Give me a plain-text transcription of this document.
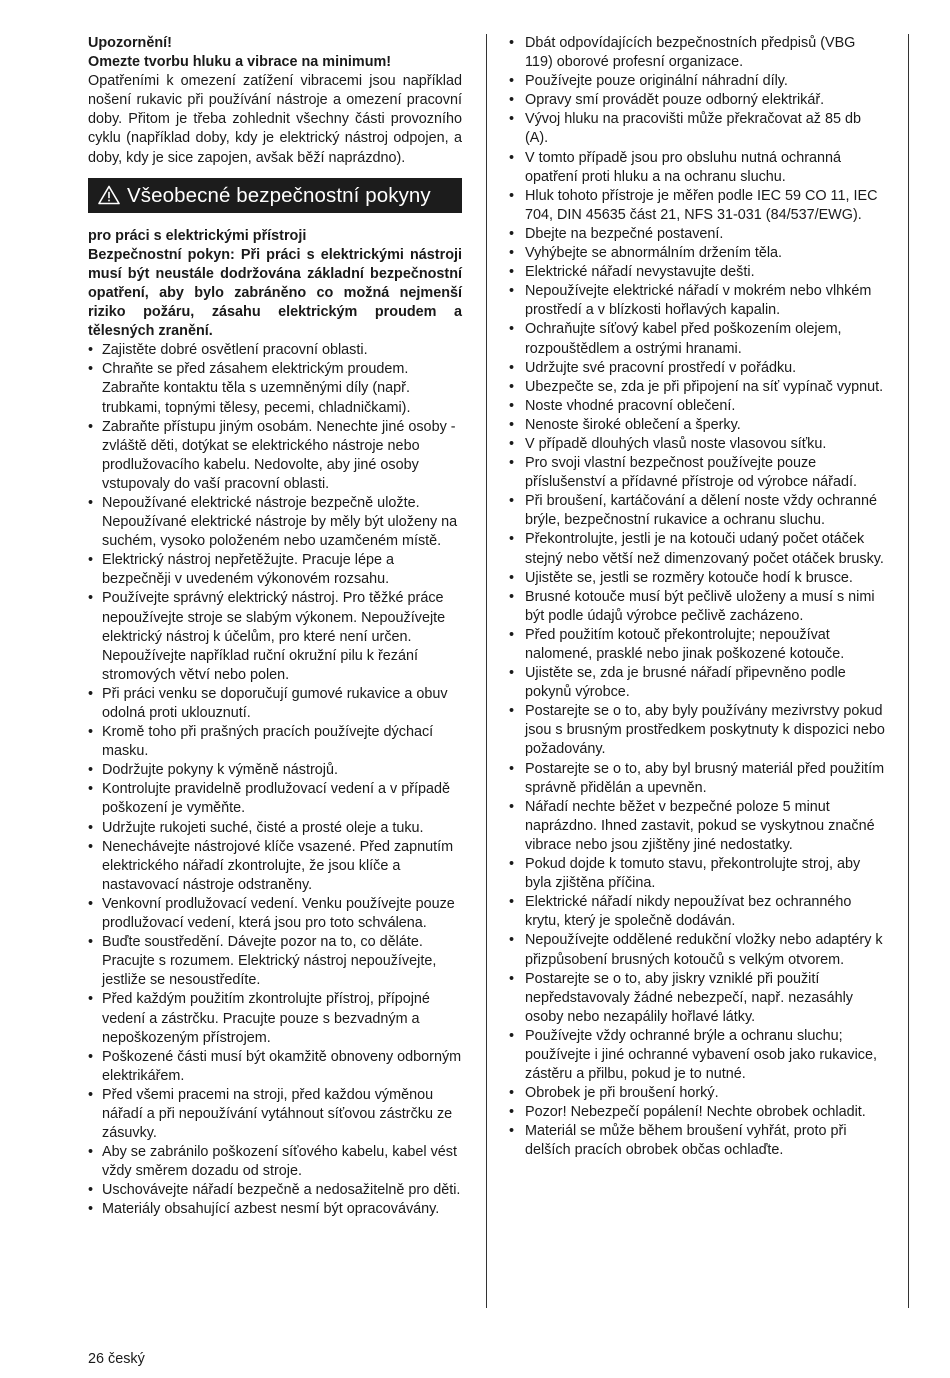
Upozornění!

Omezte tvorbu hluku a vibrace na minimum!

Opatřeními k omezení zatížení vibracemi jsou například nošení rukavic při používání nástroje a omezení pracovní doby. Přitom je třeba zohlednit všechny části provozního cyklu (například doby, kdy je elektrický nástroj odpojen, a doby, kdy je sice zapojen, avšak běží naprázdno).

Všeobecné bezpečnostní pokyny

pro práci s elektrickými přístroji

Bezpečnostní pokyn: Při práci s elektrickými nástroji musí být neustále dodržována základní bezpečnostní opatření, aby bylo zabráněno co možná nejmenší riziko požáru, zásahu elektrickým proudem a tělesných zranění.

• Zajistěte dobré osvětlení pracovní oblasti.
• Chraňte se před zásahem elektrickým proudem. Zabraňte kontaktu těla s uzemněnými díly (např. trubkami, topnými tělesy, pecemi, chladničkami).
• Zabraňte přístupu jiným osobám. Nenechte jiné osoby - zvláště děti, dotýkat se elektrického nástroje nebo prodlužovacího kabelu. Nedovolte, aby jiné osoby vstupovaly do vaší pracovní oblasti.
• Nepoužívané elektrické nástroje bezpečně uložte. Nepoužívané elektrické nástroje by měly být uloženy na suchém, vysoko položeném nebo uzamčeném místě.
• Elektrický nástroj nepřetěžujte. Pracuje lépe a bezpečněji v uvedeném výkonovém rozsahu.
• Používejte správný elektrický nástroj. Pro těžké práce nepoužívejte stroje se slabým výkonem. Nepoužívejte elektrický nástroj k účelům, pro které není určen. Nepoužívejte například ruční okružní pilu k řezání stromových větví nebo polen.
• Při práci venku se doporučují gumové rukavice a obuv odolná proti uklouznutí.
• Kromě toho při prašných pracích používejte dýchací masku.
• Dodržujte pokyny k výměně nástrojů.
• Kontrolujte pravidelně prodlužovací vedení a v případě poškození je vyměňte.
• Udržujte rukojeti suché, čisté a prosté oleje a tuku.
• Nenechávejte nástrojové klíče vsazené. Před zapnutím elektrického nářadí zkontrolujte, že jsou klíče a nastavovací nástroje odstraněny.
• Venkovní prodlužovací vedení. Venku používejte pouze prodlužovací vedení, která jsou pro toto schválena.
• Buďte soustředění. Dávejte pozor na to, co děláte. Pracujte s rozumem. Elektrický nástroj nepoužívejte, jestliže se nesoustředíte.
• Před každým použitím zkontrolujte přístroj, přípojné vedení a zástrčku. Pracujte pouze s bezvadným a nepoškozeným přístrojem.
• Poškozené části musí být okamžitě obnoveny odborným elektrikářem.
• Před všemi pracemi na stroji, před každou výměnou nářadí a při nepoužívání vytáhnout síťovou zástrčku ze zásuvky.
• Aby se zabránilo poškození síťového kabelu, kabel vést vždy směrem dozadu od stroje.
• Uschovávejte nářadí bezpečně a nedosažitelně pro děti.
• Materiály obsahující azbest nesmí být opracovávány.
• Dbát odpovídajících bezpečnostních předpisů (VBG 119) oborové profesní organizace.
• Používejte pouze originální náhradní díly.
• Opravy smí provádět pouze odborný elektrikář.
• Vývoj hluku na pracovišti může překračovat až 85 db (A).
• V tomto případě jsou pro obsluhu nutná ochranná opatření proti hluku a na ochranu sluchu.
• Hluk tohoto přístroje je měřen podle IEC 59 CO 11, IEC 704, DIN 45635 část 21, NFS 31-031 (84/537/EWG).
• Dbejte na bezpečné postavení.
• Vyhýbejte se abnormálním držením těla.
• Elektrické nářadí nevystavujte dešti.
• Nepoužívejte elektrické nářadí v mokrém nebo vlhkém prostředí a v blízkosti hořlavých kapalin.
• Ochraňujte síťový kabel před poškozením olejem, rozpouštědlem a ostrými hranami.
• Udržujte své pracovní prostředí v pořádku.
• Ubezpečte se, zda je při připojení na síť vypínač vypnut.
• Noste vhodné pracovní oblečení.
• Nenoste široké oblečení a šperky.
• V případě dlouhých vlasů noste vlasovou síťku.
• Pro svoji vlastní bezpečnost používejte pouze příslušenství a přídavné přístroje od výrobce nářadí.
• Při broušení, kartáčování a dělení noste vždy ochranné brýle, bezpečnostní rukavice a ochranu sluchu.
• Překontrolujte, jestli je na kotouči udaný počet otáček stejný nebo větší než dimenzovaný počet otáček brusky.
• Ujistěte se, jestli se rozměry kotouče hodí k brusce.
• Brusné kotouče musí být pečlivě uloženy a musí s nimi být podle údajů výrobce pečlivě zacházeno.
• Před použitím kotouč překontrolujte; nepoužívat nalomené, prasklé nebo jinak poškozené kotouče.
• Ujistěte se, zda je brusné nářadí připevněno podle pokynů výrobce.
• Postarejte se o to, aby byly používány mezivrstvy pokud jsou s brusným prostředkem poskytnuty k dispozici nebo požadovány.
• Postarejte se o to, aby byl brusný materiál před použitím správně přidělán a upevněn.
• Nářadí nechte běžet v bezpečné poloze 5 minut naprázdno. Ihned zastavit, pokud se vyskytnou značné vibrace nebo jsou zjištěny jiné nedostatky.
• Pokud dojde k tomuto stavu, překontrolujte stroj, aby byla zjištěna příčina.
• Elektrické nářadí nikdy nepoužívat bez ochranného krytu, který je společně dodáván.
• Nepoužívejte oddělené redukční vložky nebo adaptéry k přizpůsobení brusných kotoučů s velkým otvorem.
• Postarejte se o to, aby jiskry vzniklé při použití nepředstavovaly žádné nebezpečí, např. nezasáhly osoby nebo nezapálily hořlavé látky.
• Používejte vždy ochranné brýle a ochranu sluchu; používejte i jiné ochranné vybavení osob jako rukavice, zástěru a přilbu, pokud je to nutné.
• Obrobek je při broušení horký.
• Pozor! Nebezpečí popálení! Nechte obrobek ochladit.
• Materiál se může během broušení vyhřát, proto při delších pracích obrobek občas ochlaďte.
26 český
